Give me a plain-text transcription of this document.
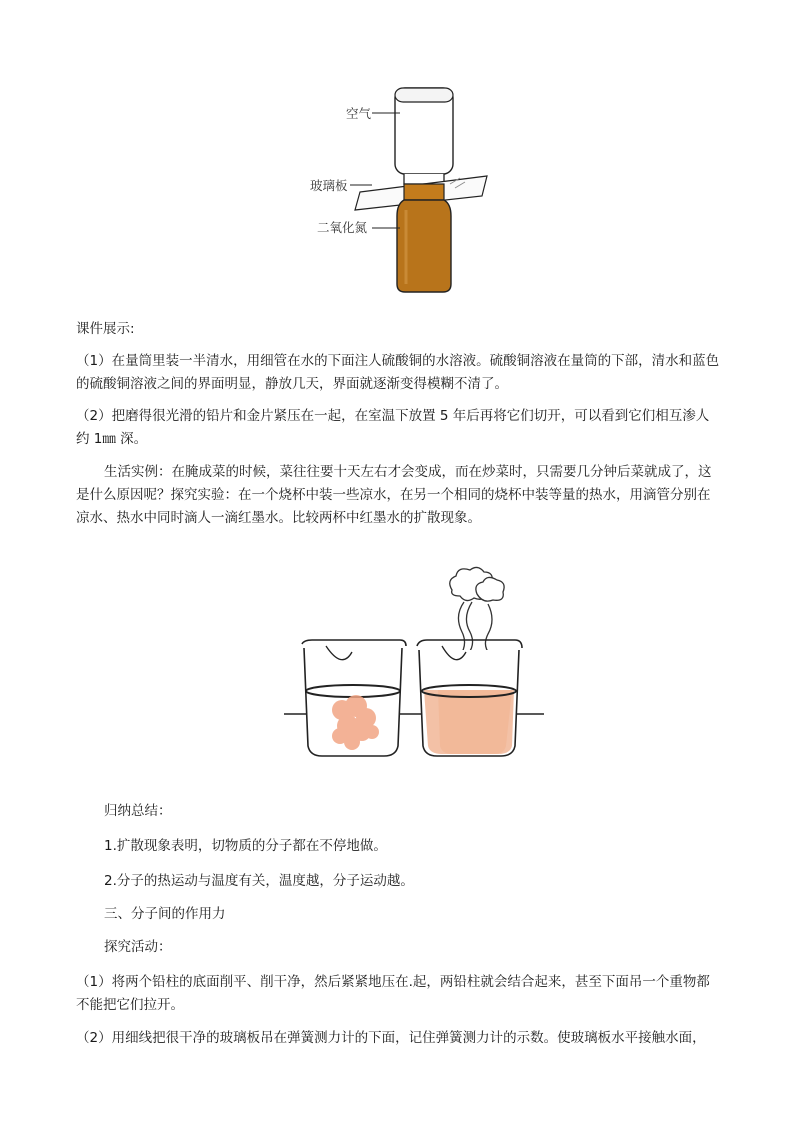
空气
玻璃板
二氧化氮

课件展示:

（1）在量筒里装一半清水，用细管在水的下面注人硫酸铜的水溶液。硫酸铜溶液在量筒的下部，清水和蓝色的硫酸铜溶液之间的界面明显，静放几天，界面就逐渐变得模糊不清了。

（2）把磨得很光滑的铅片和金片紧压在一起，在室温下放置 5 年后再将它们切开，可以看到它们相互渗人约 1㎜ 深。

生活实例：在腌成菜的时候，菜往往要十天左右才会变成，而在炒菜时，只需要几分钟后菜就成了，这是什么原因呢？探究实验：在一个烧杯中装一些凉水，在另一个相同的烧杯中装等量的热水，用滴管分别在凉水、热水中同时滴人一滴红墨水。比较两杯中红墨水的扩散现象。

归纳总结：

1.扩散现象表明，切物质的分子都在不停地做。

2.分子的热运动与温度有关，温度越，分子运动越。

三、分子间的作用力

探究活动：

（1）将两个铅柱的底面削平、削干净，然后紧紧地压在.起，两铅柱就会结合起来，甚至下面吊一个重物都不能把它们拉开。

（2）用细线把很干净的玻璃板吊在弹簧测力计的下面，记住弹簧测力计的示数。使玻璃板水平接触水面，
